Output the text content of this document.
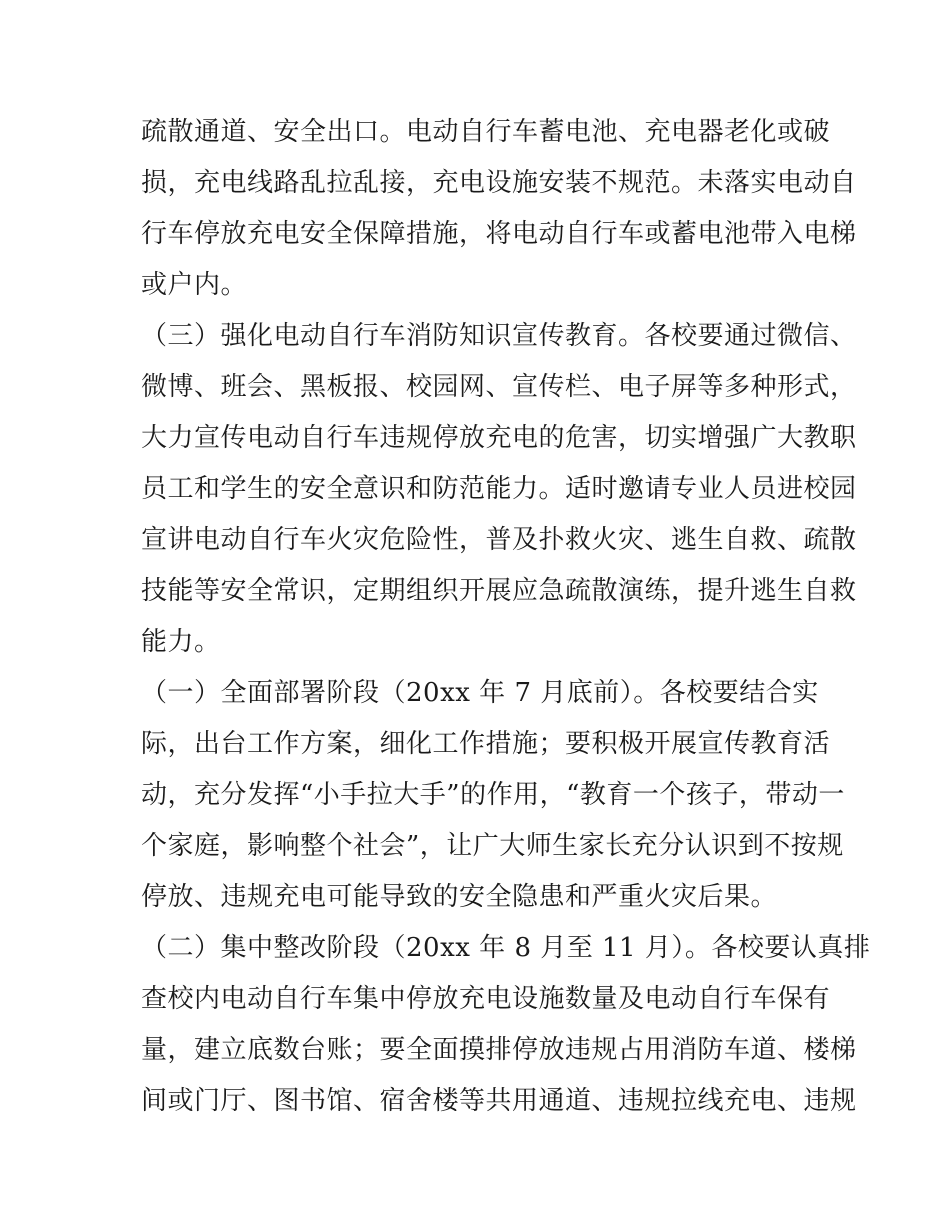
疏散通道、安全出口。电动自行车蓄电池、充电器老化或破
损，充电线路乱拉乱接，充电设施安装不规范。未落实电动自
行车停放充电安全保障措施，将电动自行车或蓄电池带入电梯
或户内。
（三）强化电动自行车消防知识宣传教育。各校要通过微信、
微博、班会、黑板报、校园网、宣传栏、电子屏等多种形式，
大力宣传电动自行车违规停放充电的危害，切实增强广大教职
员工和学生的安全意识和防范能力。适时邀请专业人员进校园
宣讲电动自行车火灾危险性，普及扑救火灾、逃生自救、疏散
技能等安全常识，定期组织开展应急疏散演练，提升逃生自救
能力。
（一）全面部署阶段（20xx 年 7 月底前）。各校要结合实
际，出台工作方案，细化工作措施；要积极开展宣传教育活
动，充分发挥“小手拉大手”的作用，“教育一个孩子，带动一
个家庭，影响整个社会”，让广大师生家长充分认识到不按规
停放、违规充电可能导致的安全隐患和严重火灾后果。
（二）集中整改阶段（20xx 年 8 月至 11 月）。各校要认真排
查校内电动自行车集中停放充电设施数量及电动自行车保有
量，建立底数台账；要全面摸排停放违规占用消防车道、楼梯
间或门厅、图书馆、宿舍楼等共用通道、违规拉线充电、违规
